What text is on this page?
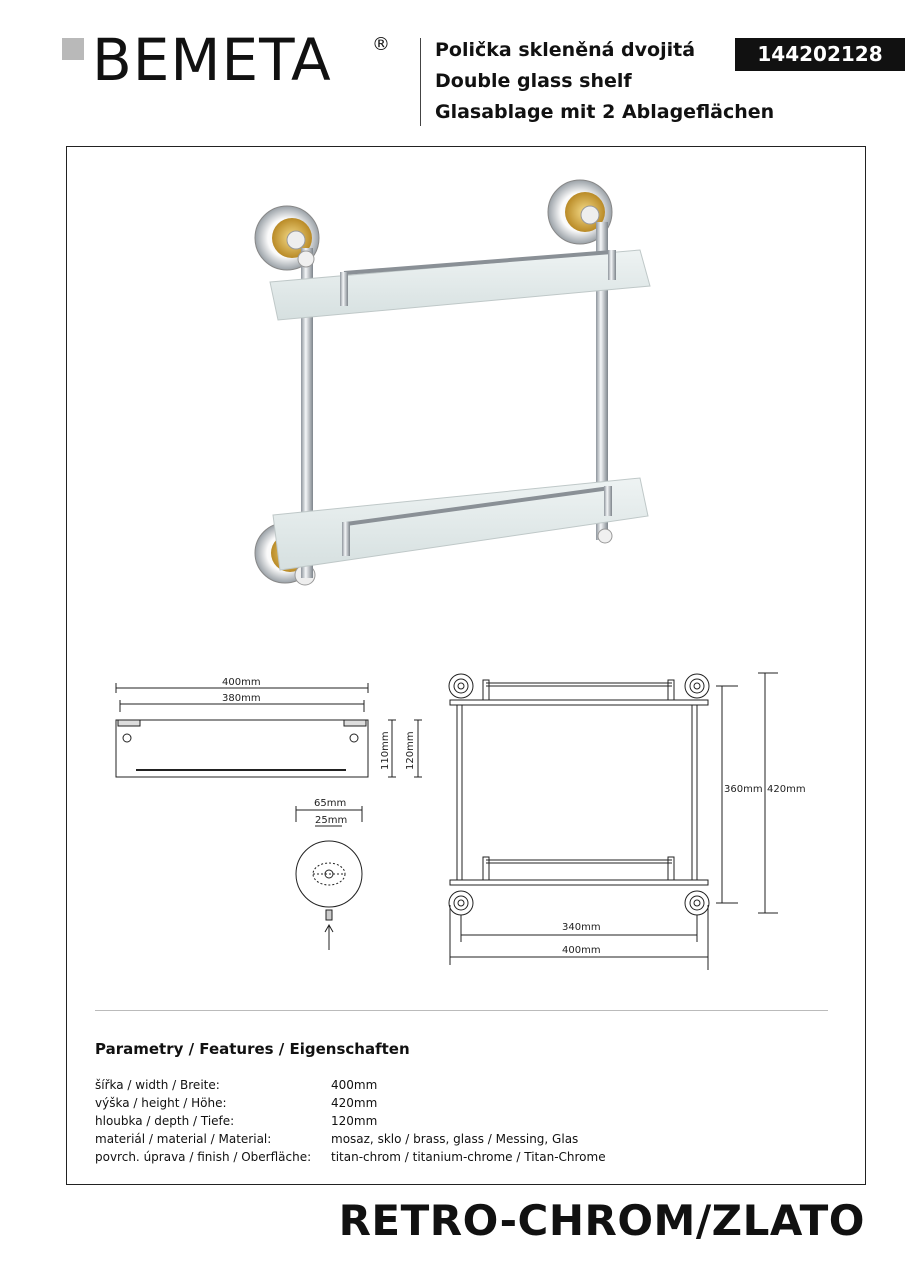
BEMETA ® Polička skleněná dvojitá
Double glass shelf
Glasablage mit 2 Ablageflächen
144202128
400mm
380mm
110mm 120mm
65mm
25mm
360mm 420mm
340mm
400mm
Parametry / Features / Eigenschaften
šířka / width / Breite:	400mm
výška / height / Höhe:	420mm
hloubka / depth / Tiefe:	120mm
materiál / material / Material:	mosaz, sklo / brass, glass / Messing, Glas
povrch. úprava / finish / Oberfläche:	titan-chrom / titanium-chrome / Titan-Chrome
RETRO-CHROM/ZLATO
